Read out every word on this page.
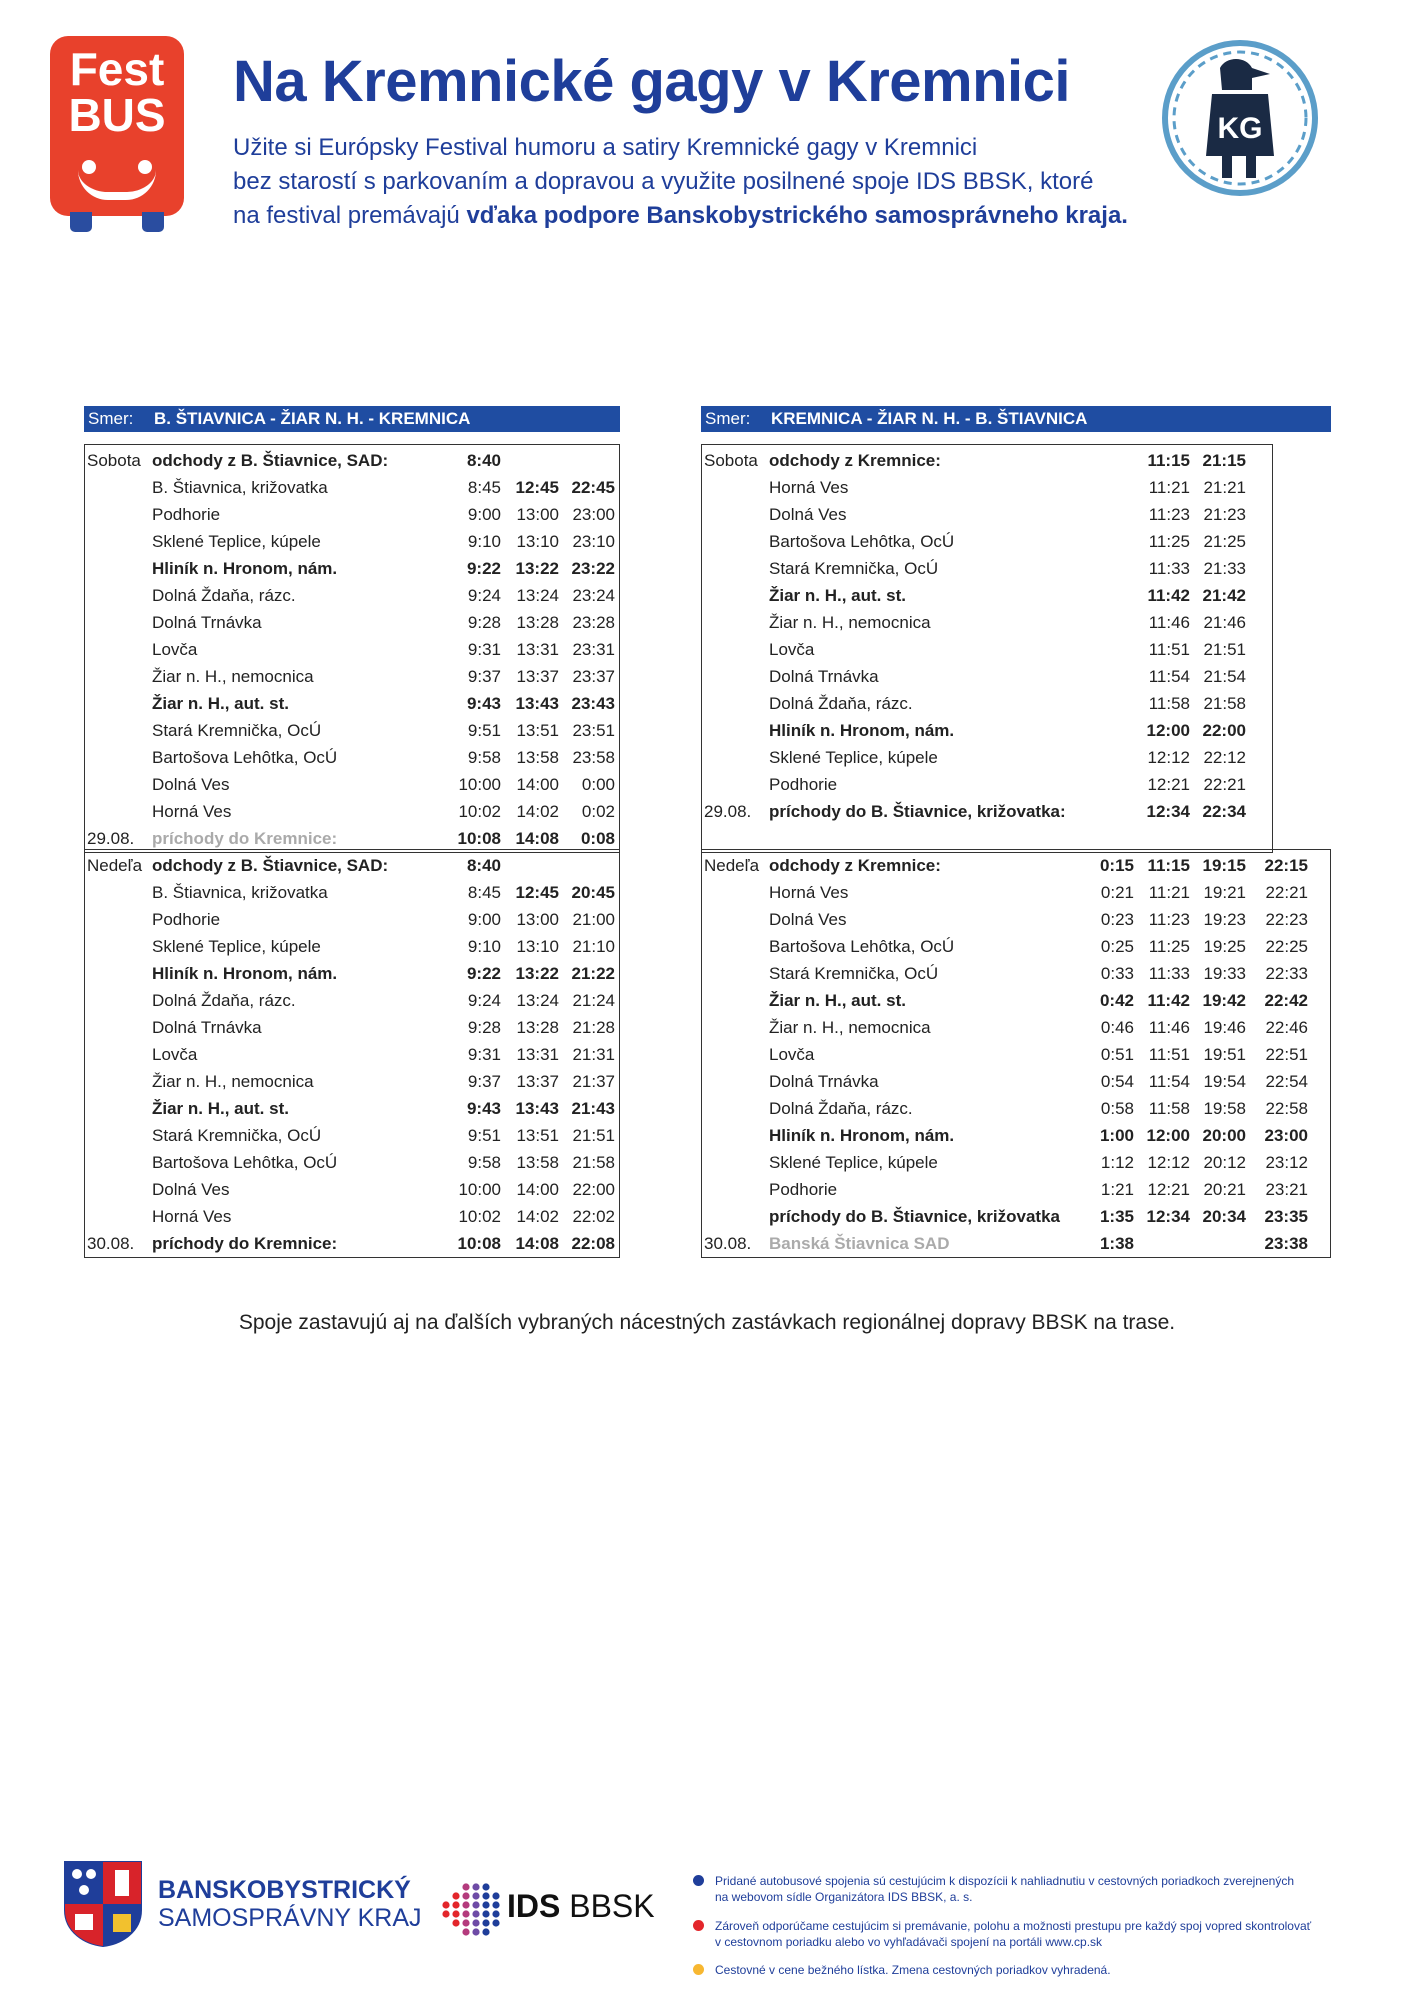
Fest
BUS
Na Kremnické gagy v Kremnici
Užite si Európsky Festival humoru a satiry Kremnické gagy v Kremnici
bez starostí s parkovaním a dopravou a využite posilnené spoje IDS BBSK, ktoré
na festival premávajú vďaka podpore Banskobystrického samosprávneho kraja.
KG
Smer: B. ŠTIAVNICA - ŽIAR N. H. - KREMNICA
Sobota odchody z B. Štiavnice, SAD:	8:40
B. Štiavnica, križovatka	8:45 12:45 22:45
Podhorie	9:00 13:00 23:00
Sklené Teplice, kúpele	9:10 13:10 23:10
Hliník n. Hronom, nám.	9:22 13:22 23:22
Dolná Ždaňa, rázc.	9:24 13:24 23:24
Dolná Trnávka	9:28 13:28 23:28
Lovča	9:31 13:31 23:31
Žiar n. H., nemocnica	9:37 13:37 23:37
Žiar n. H., aut. st.	9:43 13:43 23:43
Stará Kremnička, OcÚ	9:51 13:51 23:51
Bartošova Lehôtka, OcÚ	9:58 13:58 23:58
Dolná Ves	10:00 14:00	0:00
Horná Ves	10:02 14:02	0:02
29.08.	príchody do Kremnice:	10:08 14:08	0:08
Nedeľa odchody z B. Štiavnice, SAD:	8:40
B. Štiavnica, križovatka	8:45 12:45 20:45
Podhorie	9:00 13:00 21:00
Sklené Teplice, kúpele	9:10 13:10 21:10
Hliník n. Hronom, nám.	9:22 13:22 21:22
Dolná Ždaňa, rázc.	9:24 13:24 21:24
Dolná Trnávka	9:28 13:28 21:28
Lovča	9:31 13:31 21:31
Žiar n. H., nemocnica	9:37 13:37 21:37
Žiar n. H., aut. st.	9:43 13:43 21:43
Stará Kremnička, OcÚ	9:51 13:51 21:51
Bartošova Lehôtka, OcÚ	9:58 13:58 21:58
Dolná Ves	10:00 14:00 22:00
Horná Ves	10:02 14:02 22:02
30.08.	príchody do Kremnice:	10:08 14:08 22:08
Smer: KREMNICA - ŽIAR N. H. - B. ŠTIAVNICA
Sobota odchody z Kremnice:	11:15 21:15
Horná Ves	11:21 21:21
Dolná Ves	11:23 21:23
Bartošova Lehôtka, OcÚ	11:25 21:25
Stará Kremnička, OcÚ	11:33 21:33
Žiar n. H., aut. st.	11:42 21:42
Žiar n. H., nemocnica	11:46 21:46
Lovča	11:51 21:51
Dolná Trnávka	11:54 21:54
Dolná Ždaňa, rázc.	11:58 21:58
Hliník n. Hronom, nám.	12:00 22:00
Sklené Teplice, kúpele	12:12 22:12
Podhorie	12:21 22:21
29.08.	príchody do B. Štiavnice, križovatka:	12:34 22:34
Nedeľa odchody z Kremnice:	0:15 11:15 19:15 22:15
Horná Ves	0:21 11:21 19:21	22:21
Dolná Ves	0:23 11:23 19:23	22:23
Bartošova Lehôtka, OcÚ	0:25 11:25 19:25	22:25
Stará Kremnička, OcÚ	0:33 11:33 19:33	22:33
Žiar n. H., aut. st.	0:42 11:42 19:42 22:42
Žiar n. H., nemocnica	0:46 11:46 19:46	22:46
Lovča	0:51 11:51 19:51	22:51
Dolná Trnávka	0:54 11:54 19:54	22:54
Dolná Ždaňa, rázc.	0:58 11:58 19:58	22:58
Hliník n. Hronom, nám.	1:00 12:00 20:00 23:00
Sklené Teplice, kúpele	1:12 12:12 20:12	23:12
Podhorie	1:21 12:21 20:21	23:21
príchody do B. Štiavnice, križovatka	1:35 12:34 20:34 23:35
30.08.	Banská Štiavnica SAD	1:38	23:38
Spoje zastavujú aj na ďalších vybraných nácestných zastávkach regionálnej dopravy BBSK na trase.
BANSKOBYSTRICKÝ
SAMOSPRÁVNY KRAJ	IDS BBSK
Pridané autobusové spojenia sú cestujúcim k dispozícii k nahliadnutiu v cestovných poriadkoch zverejnených
na webovom sídle Organizátora IDS BBSK, a. s.
Zároveň odporúčame cestujúcim si premávanie, polohu a možnosti prestupu pre každý spoj vopred skontrolovať
v cestovnom poriadku alebo vo vyhľadávači spojení na portáli www.cp.sk
Cestovné v cene bežného lístka. Zmena cestovných poriadkov vyhradená.
